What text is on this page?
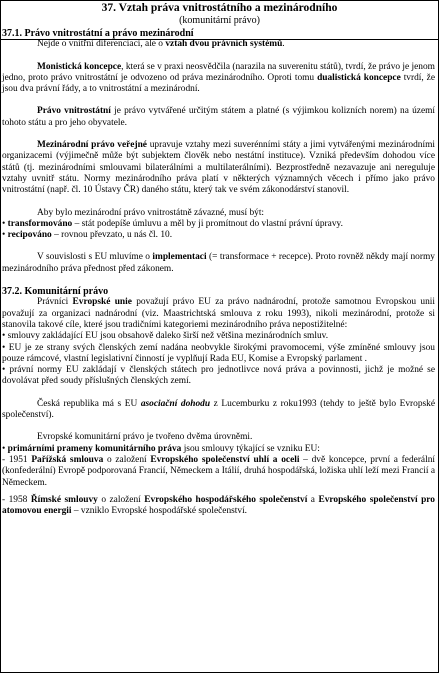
37. Vztah práva vnitrostátního a mezinárodního
(komunitární právo)

37.1. Právo vnitrostátní a právo mezinárodní

Nejde o vnitřní diferenciaci, ale o vztah dvou právních systémů.

Monistická koncepce, která se v praxi neosvědčila (narazila na suverenitu států), tvrdí, že právo je jenom jedno, proto právo vnitrostátní je odvozeno od práva mezinárodního. Oproti tomu dualistická koncepce tvrdí, že jsou dva právní řády, a to vnitrostátní a mezinárodní.

Právo vnitrostátní je právo vytvářené určitým státem a platné (s výjimkou kolizních norem) na území tohoto státu a pro jeho obyvatele.

Mezinárodní právo veřejné upravuje vztahy mezi suverénními státy a jimi vytvářenými mezinárodními organizacemi (výjimečně může být subjektem člověk nebo nestátní instituce). Vzniká především dohodou více států (tj. mezinárodními smlouvami bilaterálními a multilaterálními). Bezprostředně nezavazuje ani nereguluje vztahy uvnitř státu. Normy mezinárodního práva platí v některých významných věcech i přímo jako právo vnitrostátní (např. čl. 10 Ústavy ČR) daného státu, který tak ve svém zákonodárství stanovil.

Aby bylo mezinárodní právo vnitrostátně závazné, musí být:

• transformováno – stát podepíše úmluvu a měl by ji promítnout do vlastní právní úpravy.

• recipováno – rovnou převzato, u nás čl. 10.

V souvislosti s EU mluvíme o implementaci (= transformace + recepce). Proto rovněž někdy mají normy mezinárodního práva přednost před zákonem.

37.2. Komunitární právo

Právníci Evropské unie považují právo EU za právo nadnárodní, protože samotnou Evropskou unii považují za organizaci nadnárodní (viz. Maastrichtská smlouva z roku 1993), nikoli mezinárodní, protože si stanovila takové cíle, které jsou tradičními kategoriemi mezinárodního práva nepostižitelné:

• smlouvy zakládající EU jsou obsahově daleko širší než většina mezinárodních smluv.

• EU je ze strany svých členských zemí nadána neobvykle širokými pravomocemi, výše zmíněné smlouvy jsou pouze rámcové, vlastní legislativní činností je vyplňují Rada EU, Komise a Evropský parlament .

• právní normy EU zakládají v členských státech pro jednotlivce nová práva a povinnosti, jichž je možné se dovolávat před soudy příslušných členských zemí.

Česká republika má s EU asociační dohodu z Lucemburku z roku1993 (tehdy to ještě bylo Evropské společenství).

Evropské komunitární právo je tvořeno dvěma úrovněmi.

• primárními prameny komunitárního práva jsou smlouvy týkající se vzniku EU:

- 1951 Pařížská smlouva o založení Evropského společenství uhlí a oceli – dvě koncepce, první a federální (konfederální) Evropě podporovaná Francií, Německem a Itálií, druhá hospodářská, ložiska uhlí leží mezi Francií a Německem.

- 1958 Římské smlouvy o založení Evropského hospodářského společenství a Evropského společenství pro atomovou energii – vzniklo Evropské hospodářské společenství.
